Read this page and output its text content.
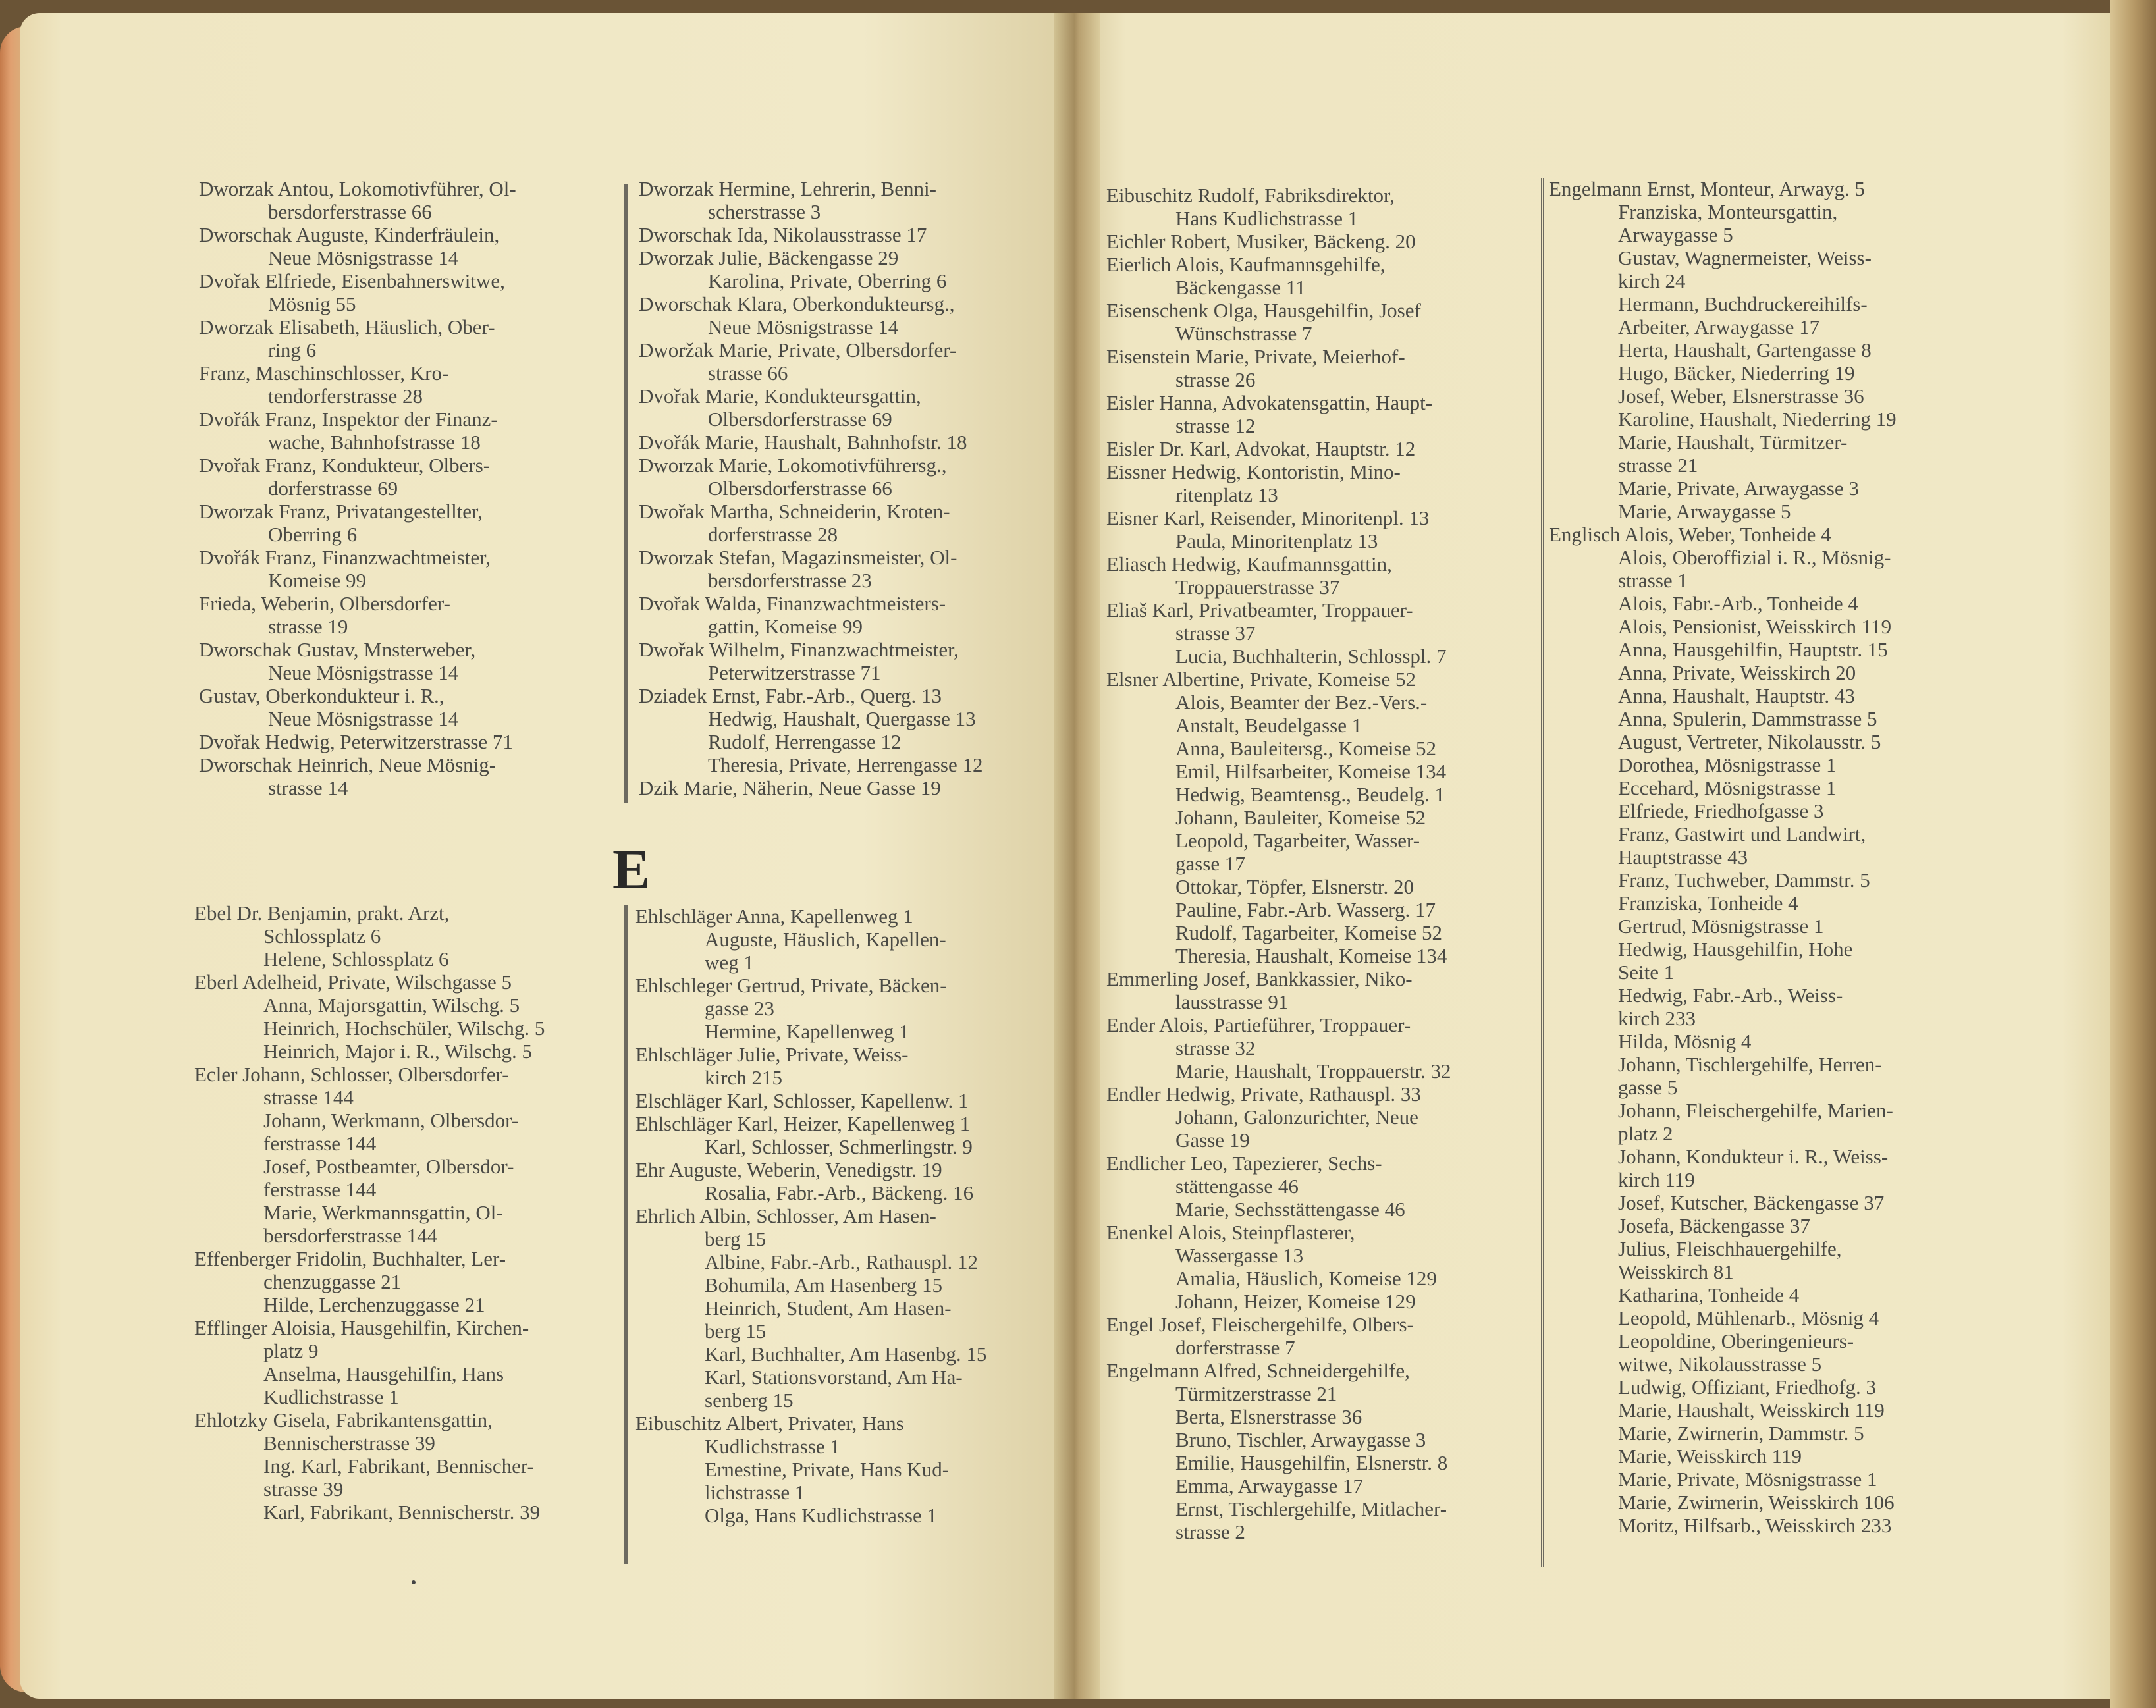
E
Dworzak Antou, Lokomotivführer, Ol-
bersdorferstrasse 66
Dworschak Auguste, Kinderfräulein,
Neue Mösnigstrasse 14
Dvořak Elfriede, Eisenbahnerswitwe,
Mösnig 55
Dworzak Elisabeth, Häuslich, Ober-
ring 6
Franz, Maschinschlosser, Kro-
tendorferstrasse 28
Dvořák Franz, Inspektor der Finanz-
wache, Bahnhofstrasse 18
Dvořak Franz, Kondukteur, Olbers-
dorferstrasse 69
Dworzak Franz, Privatangestellter,
Oberring 6
Dvořák Franz, Finanzwachtmeister,
Komeise 99
Frieda, Weberin, Olbersdorfer-
strasse 19
Dworschak Gustav, Mnsterweber,
Neue Mösnigstrasse 14
Gustav, Oberkondukteur i. R.,
Neue Mösnigstrasse 14
Dvořak Hedwig, Peterwitzerstrasse 71
Dworschak Heinrich, Neue Mösnig-
strasse 14
Dworzak Hermine, Lehrerin, Benni-
scherstrasse 3
Dworschak Ida, Nikolausstrasse 17
Dworzak Julie, Bäckengasse 29
Karolina, Private, Oberring 6
Dworschak Klara, Oberkondukteursg.,
Neue Mösnigstrasse 14
Dworžak Marie, Private, Olbersdorfer-
strasse 66
Dvořak Marie, Kondukteursgattin,
Olbersdorferstrasse 69
Dvořák Marie, Haushalt, Bahnhofstr. 18
Dworzak Marie, Lokomotivführersg.,
Olbersdorferstrasse 66
Dwořak Martha, Schneiderin, Kroten-
dorferstrasse 28
Dworzak Stefan, Magazinsmeister, Ol-
bersdorferstrasse 23
Dvořak Walda, Finanzwachtmeisters-
gattin, Komeise 99
Dwořak Wilhelm, Finanzwachtmeister,
Peterwitzerstrasse 71
Dziadek Ernst, Fabr.-Arb., Querg. 13
Hedwig, Haushalt, Quergasse 13
Rudolf, Herrengasse 12
Theresia, Private, Herrengasse 12
Dzik Marie, Näherin, Neue Gasse 19
Ebel Dr. Benjamin, prakt. Arzt,
Schlossplatz 6
Helene, Schlossplatz 6
Eberl Adelheid, Private, Wilschgasse 5
Anna, Majorsgattin, Wilschg. 5
Heinrich, Hochschüler, Wilschg. 5
Heinrich, Major i. R., Wilschg. 5
Ecler Johann, Schlosser, Olbersdorfer-
strasse 144
Johann, Werkmann, Olbersdor-
ferstrasse 144
Josef, Postbeamter, Olbersdor-
ferstrasse 144
Marie, Werkmannsgattin, Ol-
bersdorferstrasse 144
Effenberger Fridolin, Buchhalter, Ler-
chenzuggasse 21
Hilde, Lerchenzuggasse 21
Efflinger Aloisia, Hausgehilfin, Kirchen-
platz 9
Anselma, Hausgehilfin, Hans
Kudlichstrasse 1
Ehlotzky Gisela, Fabrikantensgattin,
Bennischerstrasse 39
Ing. Karl, Fabrikant, Bennischer-
strasse 39
Karl, Fabrikant, Bennischerstr. 39
Ehlschläger Anna, Kapellenweg 1
Auguste, Häuslich, Kapellen-
weg 1
Ehlschleger Gertrud, Private, Bäcken-
gasse 23
Hermine, Kapellenweg 1
Ehlschläger Julie, Private, Weiss-
kirch 215
Elschläger Karl, Schlosser, Kapellenw. 1
Ehlschläger Karl, Heizer, Kapellenweg 1
Karl, Schlosser, Schmerlingstr. 9
Ehr Auguste, Weberin, Venedigstr. 19
Rosalia, Fabr.-Arb., Bäckeng. 16
Ehrlich Albin, Schlosser, Am Hasen-
berg 15
Albine, Fabr.-Arb., Rathauspl. 12
Bohumila, Am Hasenberg 15
Heinrich, Student, Am Hasen-
berg 15
Karl, Buchhalter, Am Hasenbg. 15
Karl, Stationsvorstand, Am Ha-
senberg 15
Eibuschitz Albert, Privater, Hans
Kudlichstrasse 1
Ernestine, Private, Hans Kud-
lichstrasse 1
Olga, Hans Kudlichstrasse 1
Eibuschitz Rudolf, Fabriksdirektor,
Hans Kudlichstrasse 1
Eichler Robert, Musiker, Bäckeng. 20
Eierlich Alois, Kaufmannsgehilfe,
Bäckengasse 11
Eisenschenk Olga, Hausgehilfin, Josef
Wünschstrasse 7
Eisenstein Marie, Private, Meierhof-
strasse 26
Eisler Hanna, Advokatensgattin, Haupt-
strasse 12
Eisler Dr. Karl, Advokat, Hauptstr. 12
Eissner Hedwig, Kontoristin, Mino-
ritenplatz 13
Eisner Karl, Reisender, Minoritenpl. 13
Paula, Minoritenplatz 13
Eliasch Hedwig, Kaufmannsgattin,
Troppauerstrasse 37
Eliaš Karl, Privatbeamter, Troppauer-
strasse 37
Lucia, Buchhalterin, Schlosspl. 7
Elsner Albertine, Private, Komeise 52
Alois, Beamter der Bez.-Vers.-
Anstalt, Beudelgasse 1
Anna, Bauleitersg., Komeise 52
Emil, Hilfsarbeiter, Komeise 134
Hedwig, Beamtensg., Beudelg. 1
Johann, Bauleiter, Komeise 52
Leopold, Tagarbeiter, Wasser-
gasse 17
Ottokar, Töpfer, Elsnerstr. 20
Pauline, Fabr.-Arb. Wasserg. 17
Rudolf, Tagarbeiter, Komeise 52
Theresia, Haushalt, Komeise 134
Emmerling Josef, Bankkassier, Niko-
lausstrasse 91
Ender Alois, Partieführer, Troppauer-
strasse 32
Marie, Haushalt, Troppauerstr. 32
Endler Hedwig, Private, Rathauspl. 33
Johann, Galonzurichter, Neue
Gasse 19
Endlicher Leo, Tapezierer, Sechs-
stättengasse 46
Marie, Sechsstättengasse 46
Enenkel Alois, Steinpflasterer,
Wassergasse 13
Amalia, Häuslich, Komeise 129
Johann, Heizer, Komeise 129
Engel Josef, Fleischergehilfe, Olbers-
dorferstrasse 7
Engelmann Alfred, Schneidergehilfe,
Türmitzerstrasse 21
Berta, Elsnerstrasse 36
Bruno, Tischler, Arwaygasse 3
Emilie, Hausgehilfin, Elsnerstr. 8
Emma, Arwaygasse 17
Ernst, Tischlergehilfe, Mitlacher-
strasse 2
Engelmann Ernst, Monteur, Arwayg. 5
Franziska, Monteursgattin,
Arwaygasse 5
Gustav, Wagnermeister, Weiss-
kirch 24
Hermann, Buchdruckereihilfs-
Arbeiter, Arwaygasse 17
Herta, Haushalt, Gartengasse 8
Hugo, Bäcker, Niederring 19
Josef, Weber, Elsnerstrasse 36
Karoline, Haushalt, Niederring 19
Marie, Haushalt, Türmitzer-
strasse 21
Marie, Private, Arwaygasse 3
Marie, Arwaygasse 5
Englisch Alois, Weber, Tonheide 4
Alois, Oberoffizial i. R., Mösnig-
strasse 1
Alois, Fabr.-Arb., Tonheide 4
Alois, Pensionist, Weisskirch 119
Anna, Hausgehilfin, Hauptstr. 15
Anna, Private, Weisskirch 20
Anna, Haushalt, Hauptstr. 43
Anna, Spulerin, Dammstrasse 5
August, Vertreter, Nikolausstr. 5
Dorothea, Mösnigstrasse 1
Eccehard, Mösnigstrasse 1
Elfriede, Friedhofgasse 3
Franz, Gastwirt und Landwirt,
Hauptstrasse 43
Franz, Tuchweber, Dammstr. 5
Franziska, Tonheide 4
Gertrud, Mösnigstrasse 1
Hedwig, Hausgehilfin, Hohe
Seite 1
Hedwig, Fabr.-Arb., Weiss-
kirch 233
Hilda, Mösnig 4
Johann, Tischlergehilfe, Herren-
gasse 5
Johann, Fleischergehilfe, Marien-
platz 2
Johann, Kondukteur i. R., Weiss-
kirch 119
Josef, Kutscher, Bäckengasse 37
Josefa, Bäckengasse 37
Julius, Fleischhauergehilfe,
Weisskirch 81
Katharina, Tonheide 4
Leopold, Mühlenarb., Mösnig 4
Leopoldine, Oberingenieurs-
witwe, Nikolausstrasse 5
Ludwig, Offiziant, Friedhofg. 3
Marie, Haushalt, Weisskirch 119
Marie, Zwirnerin, Dammstr. 5
Marie, Weisskirch 119
Marie, Private, Mösnigstrasse 1
Marie, Zwirnerin, Weisskirch 106
Moritz, Hilfsarb., Weisskirch 233
